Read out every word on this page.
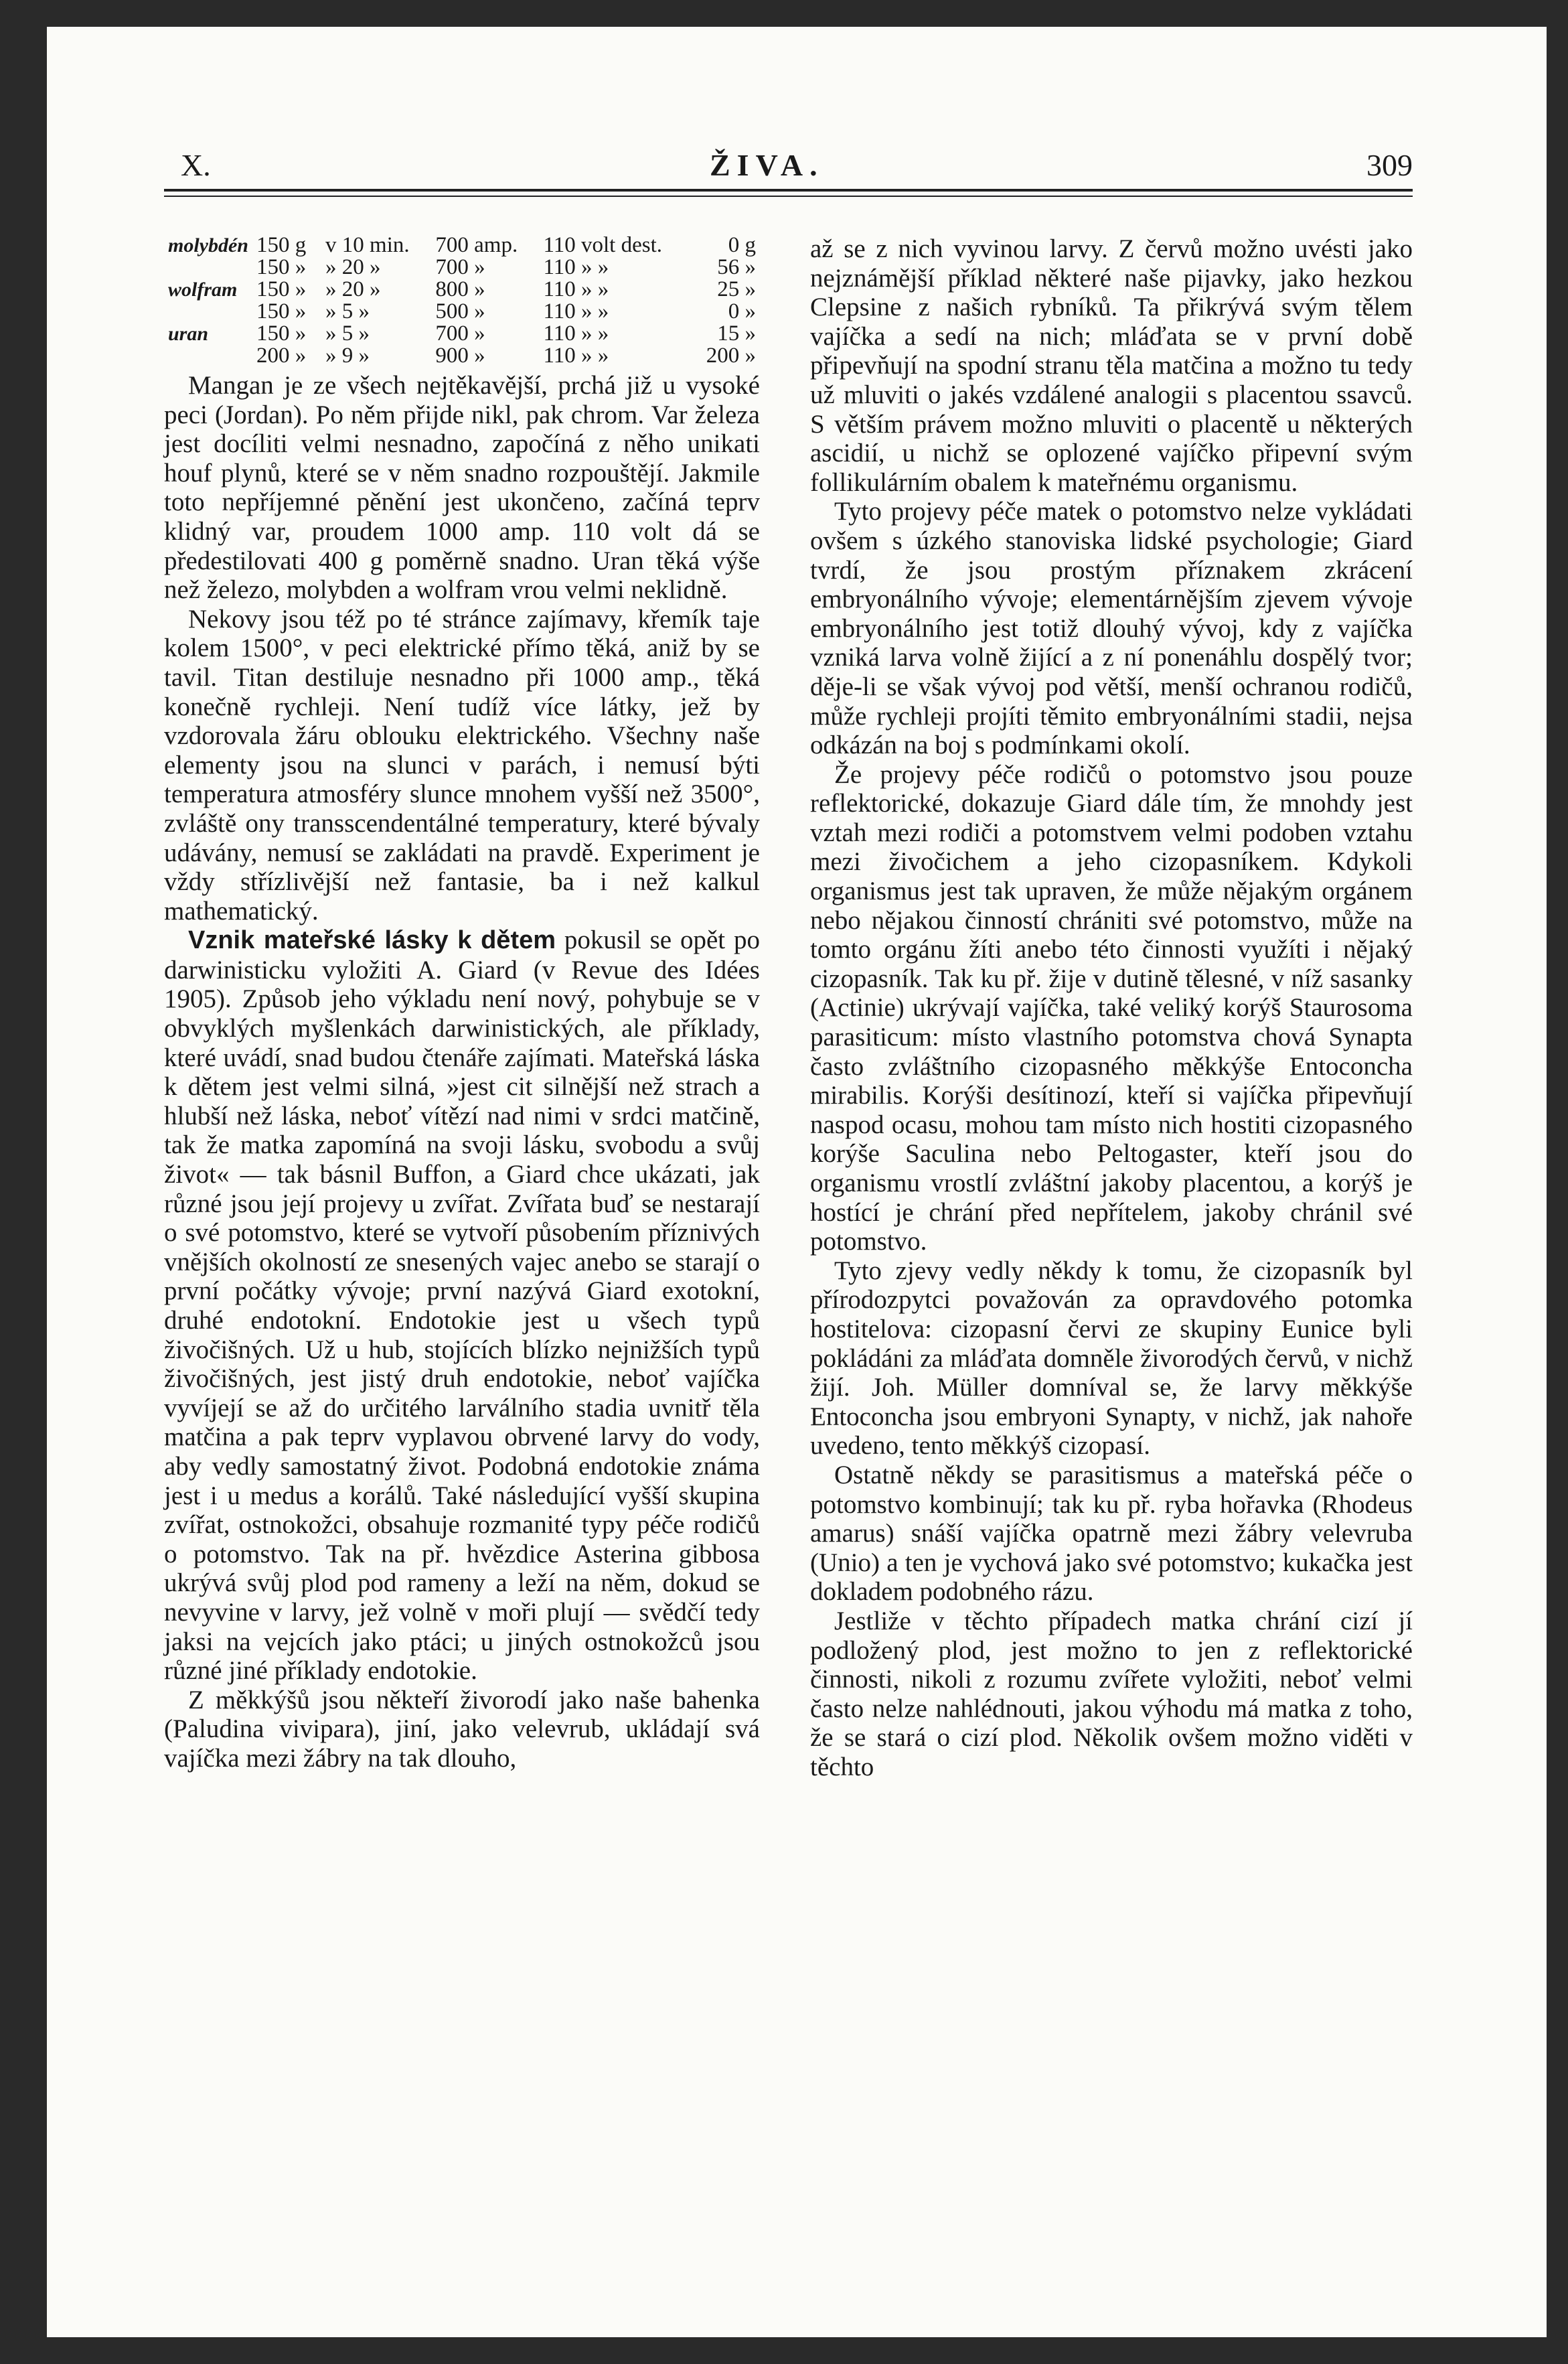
X.	ŽIVA.	309
molybdén	150 g	v 10 min.	700 amp.	110 volt dest.	0 g
	150 »	» 20 »	700 »	110 » »	56 »
wolfram	150 »	» 20 »	800 »	110 » »	25 »
	150 »	» 5 »	500 »	110 » »	0 »
uran	150 »	» 5 »	700 »	110 » »	15 »
	200 »	» 9 »	900 »	110 » »	200 »

Mangan je ze všech nejtěkavější, prchá již u vysoké peci (Jordan). Po něm přijde nikl, pak chrom. Var železa jest docíliti velmi nesnadno, započíná z něho unikati houf plynů, které se v něm snadno rozpouštějí. Jakmile toto nepříjemné pěnění jest ukončeno, začíná teprv klidný var, proudem 1000 amp. 110 volt dá se předestilovati 400 g poměrně snadno. Uran těká výše než železo, molybden a wolfram vrou velmi neklidně.

Nekovy jsou též po té stránce zajímavy, křemík taje kolem 1500°, v peci elektrické přímo těká, aniž by se tavil. Titan destiluje nesnadno při 1000 amp., těká konečně rychleji. Není tudíž více látky, jež by vzdorovala žáru oblouku elektrického. Všechny naše elementy jsou na slunci v parách, i nemusí býti temperatura atmosféry slunce mnohem vyšší než 3500°, zvláště ony transscendentálné temperatury, které bývaly udávány, nemusí se zakládati na pravdě. Experiment je vždy střízlivější než fantasie, ba i než kalkul mathematický.

Vznik mateřské lásky k dětem pokusil se opět po darwinisticku vyložiti A. Giard (v Revue des Idées 1905). Způsob jeho výkladu není nový, pohybuje se v obvyklých myšlenkách darwinistických, ale příklady, které uvádí, snad budou čtenáře zajímati. Mateřská láska k dětem jest velmi silná, »jest cit silnější než strach a hlubší než láska, neboť vítězí nad nimi v srdci matčině, tak že matka zapomíná na svoji lásku, svobodu a svůj život« — tak básnil Buffon, a Giard chce ukázati, jak různé jsou její projevy u zvířat. Zvířata buď se nestarají o své potomstvo, které se vytvoří působením příznivých vnějších okolností ze snesených vajec anebo se starají o první počátky vývoje; první nazývá Giard exotokní, druhé endotokní. Endotokie jest u všech typů živočišných. Už u hub, stojících blízko nejnižších typů živočišných, jest jistý druh endotokie, neboť vajíčka vyvíjejí se až do určitého larválního stadia uvnitř těla matčina a pak teprv vyplavou obrvené larvy do vody, aby vedly samostatný život. Podobná endotokie známa jest i u medus a korálů. Také následující vyšší skupina zvířat, ostnokožci, obsahuje rozmanité typy péče rodičů o potomstvo. Tak na př. hvězdice Asterina gibbosa ukrývá svůj plod pod rameny a leží na něm, dokud se nevyvine v larvy, jež volně v moři plují — svědčí tedy jaksi na vejcích jako ptáci; u jiných ostnokožců jsou různé jiné příklady endotokie.

Z měkkýšů jsou někteří živorodí jako naše bahenka (Paludina vivipara), jiní, jako velevrub, ukládají svá vajíčka mezi žábry na tak dlouho,

až se z nich vyvinou larvy. Z červů možno uvésti jako nejznámější příklad některé naše pijavky, jako hezkou Clepsine z našich rybníků. Ta přikrývá svým tělem vajíčka a sedí na nich; mláďata se v první době připevňují na spodní stranu těla matčina a možno tu tedy už mluviti o jakés vzdálené analogii s placentou ssavců. S větším právem možno mluviti o placentě u některých ascidií, u nichž se oplozené vajíčko připevní svým follikulárním obalem k mateřnému organismu.

Tyto projevy péče matek o potomstvo nelze vykládati ovšem s úzkého stanoviska lidské psychologie; Giard tvrdí, že jsou prostým příznakem zkrácení embryonálního vývoje; elementárnějším zjevem vývoje embryonálního jest totiž dlouhý vývoj, kdy z vajíčka vzniká larva volně žijící a z ní ponenáhlu dospělý tvor; děje-li se však vývoj pod větší, menší ochranou rodičů, může rychleji projíti těmito embryonálními stadii, nejsa odkázán na boj s podmínkami okolí.

Že projevy péče rodičů o potomstvo jsou pouze reflektorické, dokazuje Giard dále tím, že mnohdy jest vztah mezi rodiči a potomstvem velmi podoben vztahu mezi živočichem a jeho cizopasníkem. Kdykoli organismus jest tak upraven, že může nějakým orgánem nebo nějakou činností chrániti své potomstvo, může na tomto orgánu žíti anebo této činnosti využíti i nějaký cizopasník. Tak ku př. žije v dutině tělesné, v níž sasanky (Actinie) ukrývají vajíčka, také veliký korýš Staurosoma parasiticum: místo vlastního potomstva chová Synapta často zvláštního cizopasného měkkýše Entoconcha mirabilis. Korýši desítinozí, kteří si vajíčka připevňují naspod ocasu, mohou tam místo nich hostiti cizopasného korýše Saculina nebo Peltogaster, kteří jsou do organismu vrostlí zvláštní jakoby placentou, a korýš je hostící je chrání před nepřítelem, jakoby chránil své potomstvo.

Tyto zjevy vedly někdy k tomu, že cizopasník byl přírodozpytci považován za opravdového potomka hostitelova: cizopasní červi ze skupiny Eunice byli pokládáni za mláďata domněle živorodých červů, v nichž žijí. Joh. Müller domníval se, že larvy měkkýše Entoconcha jsou embryoni Synapty, v nichž, jak nahoře uvedeno, tento měkkýš cizopasí.

Ostatně někdy se parasitismus a mateřská péče o potomstvo kombinují; tak ku př. ryba hořavka (Rhodeus amarus) snáší vajíčka opatrně mezi žábry velevruba (Unio) a ten je vychová jako své potomstvo; kukačka jest dokladem podobného rázu.

Jestliže v těchto případech matka chrání cizí jí podložený plod, jest možno to jen z reflektorické činnosti, nikoli z rozumu zvířete vyložiti, neboť velmi často nelze nahlédnouti, jakou výhodu má matka z toho, že se stará o cizí plod. Několik ovšem možno viděti v těchto
